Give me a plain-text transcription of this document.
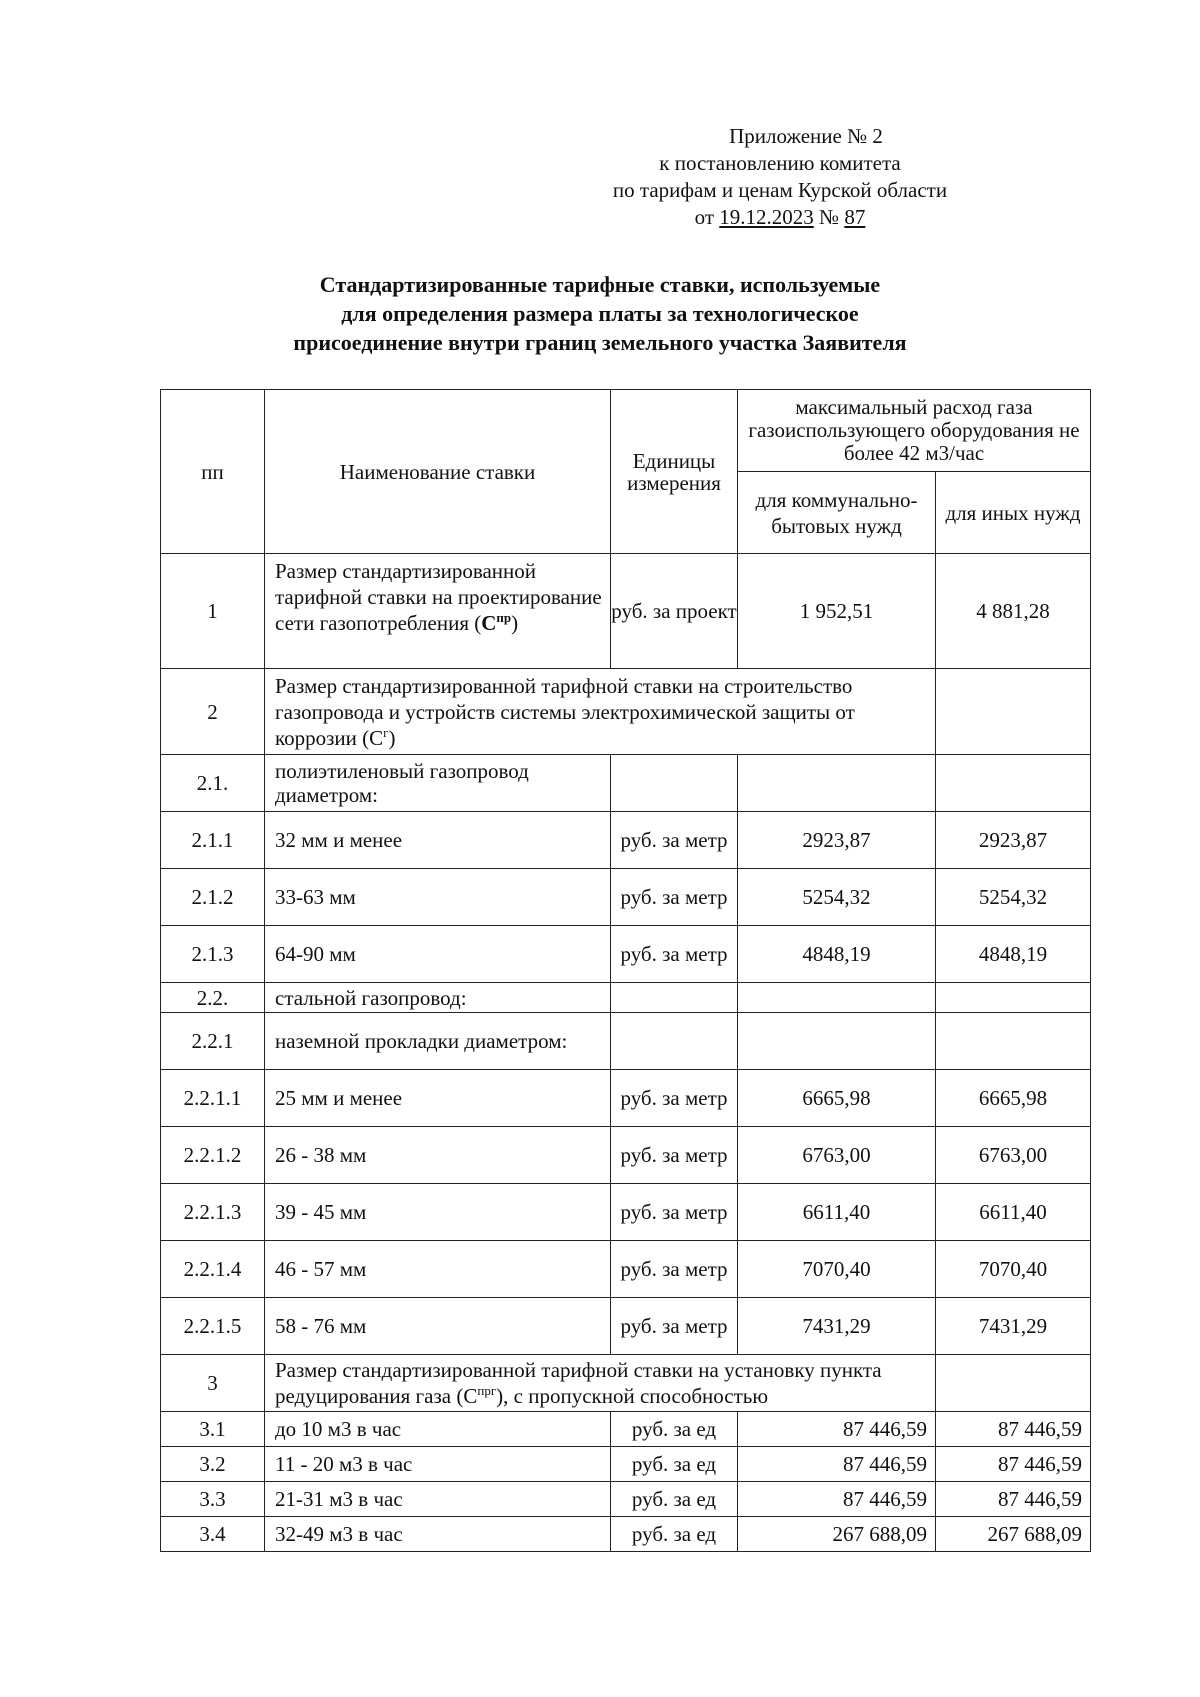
Приложение № 2
к постановлению комитета
по тарифам и ценам Курской области
от 19.12.2023 № 87
Стандартизированные тарифные ставки, используемые
для определения размера платы за технологическое
присоединение внутри границ земельного участка Заявителя
пп	Наименование ставки	Единицы измерения	максимальный расход газа газоиспользующего оборудования не более 42 м3/час	
			для коммунально-бытовых нужд	для иных нужд
1	Размер стандартизированной тарифной ставки на проектирование сети газопотребления $(С^{пр})$	руб. за проект	1 952,51	4 881,28
2	Размер стандартизированной тарифной ставки на строительство газопровода и устройств системы электрохимической защиты от коррозии $(С^г)$			
2.1.	полиэтиленовый газопровод диаметром:			
2.1.1	32 мм и менее	руб. за метр	2923,87	2923,87
2.1.2	33-63 мм	руб. за метр	5254,32	5254,32
2.1.3	64-90 мм	руб. за метр	4848,19	4848,19
2.2.	стальной газопровод:			
2.2.1	наземной прокладки диаметром:			
2.2.1.1	25 мм и менее	руб. за метр	6665,98	6665,98
2.2.1.2	26 - 38 мм	руб. за метр	6763,00	6763,00
2.2.1.3	39 - 45 мм	руб. за метр	6611,40	6611,40
2.2.1.4	46 - 57 мм	руб. за метр	7070,40	7070,40
2.2.1.5	58 - 76 мм	руб. за метр	7431,29	7431,29
3	Размер стандартизированной тарифной ставки на установку пункта редуцирования газа $(С^{прг})$, с пропускной способностью			
3.1	до 10 м3 в час	руб. за ед	87 446,59	87 446,59
3.2	11 - 20 м3 в час	руб. за ед	87 446,59	87 446,59
3.3	21-31 м3 в час	руб. за ед	87 446,59	87 446,59
3.4	32-49 м3 в час	руб. за ед	267 688,09	267 688,09
